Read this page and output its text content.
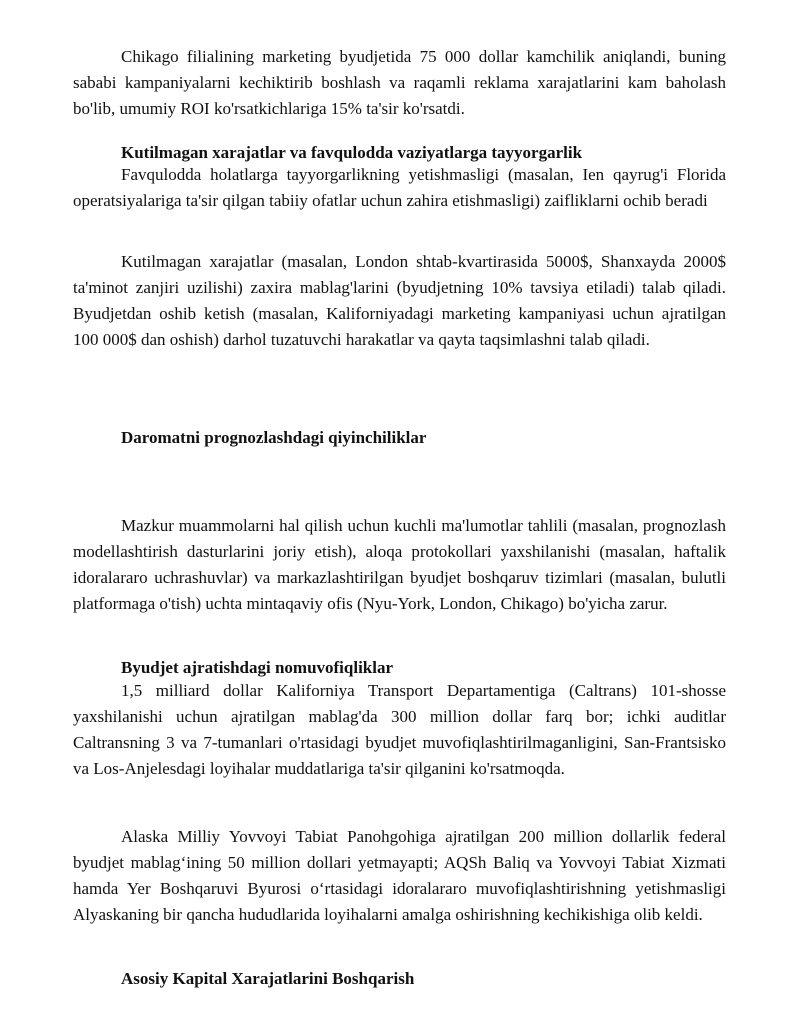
Chikago filialining marketing byudjetida 75 000 dollar kamchilik aniqlandi, buning sababi kampaniyalarni kechiktirib boshlash va raqamli reklama xarajatlarini kam baholash bo'lib, umumiy ROI ko'rsatkichlariga 15% ta'sir ko'rsatdi.

Kutilmagan xarajatlar va favqulodda vaziyatlarga tayyorgarlik

Favqulodda holatlarga tayyorgarlikning yetishmasligi (masalan, Ien qayrug'i Florida operatsiyalariga ta'sir qilgan tabiiy ofatlar uchun zahira etishmasligi) zaifliklarni ochib beradi

Kutilmagan xarajatlar (masalan, London shtab-kvartirasida 5000$, Shanxayda 2000$ ta'minot zanjiri uzilishi) zaxira mablag'larini (byudjetning 10% tavsiya etiladi) talab qiladi. Byudjetdan oshib ketish (masalan, Kaliforniyadagi marketing kampaniyasi uchun ajratilgan 100 000$ dan oshish) darhol tuzatuvchi harakatlar va qayta taqsimlashni talab qiladi.

Daromatni prognozlashdagi qiyinchiliklar

Mazkur muammolarni hal qilish uchun kuchli ma'lumotlar tahlili (masalan, prognozlash modellashtirish dasturlarini joriy etish), aloqa protokollari yaxshilanishi (masalan, haftalik idoralararo uchrashuvlar) va markazlashtirilgan byudjet boshqaruv tizimlari (masalan, bulutli platformaga o'tish) uchta mintaqaviy ofis (Nyu-York, London, Chikago) bo'yicha zarur.

Byudjet ajratishdagi nomuvofiqliklar

1,5 milliard dollar Kaliforniya Transport Departamentiga (Caltrans) 101-shosse yaxshilanishi uchun ajratilgan mablag'da 300 million dollar farq bor; ichki auditlar Caltransning 3 va 7-tumanlari o'rtasidagi byudjet muvofiqlashtirilmaganligini, San-Frantsisko va Los-Anjelesdagi loyihalar muddatlariga ta'sir qilganini ko'rsatmoqda.

Alaska Milliy Yovvoyi Tabiat Panohgohiga ajratilgan 200 million dollarlik federal byudjet mablag‘ining 50 million dollari yetmayapti; AQSh Baliq va Yovvoyi Tabiat Xizmati hamda Yer Boshqaruvi Byurosi o‘rtasidagi idoralararo muvofiqlashtirishning yetishmasligi Alyaskaning bir qancha hududlarida loyihalarni amalga oshirishning kechikishiga olib keldi.

Asosiy Kapital Xarajatlarini Boshqarish
